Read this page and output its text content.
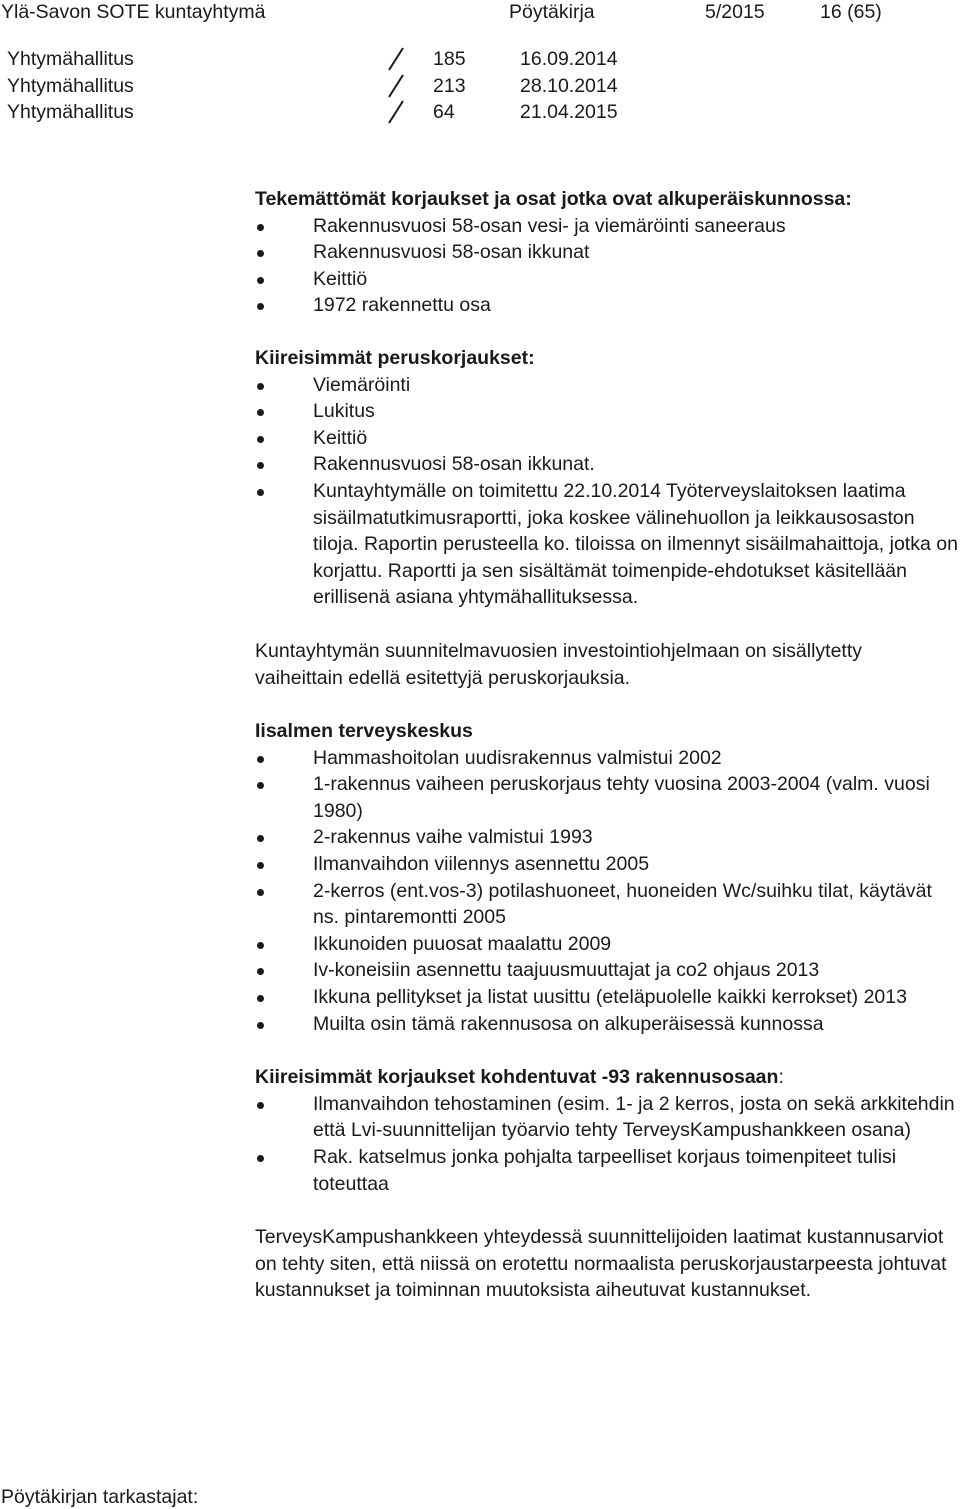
Ylä-Savon SOTE kuntayhtymä	Pöytäkirja	5/2015	16 (65)
Yhtymähallitus	185	16.09.2014
Yhtymähallitus	213	28.10.2014
Yhtymähallitus	64	21.04.2015

Tekemättömät korjaukset ja osat jotka ovat alkuperäiskunnossa:

Rakennusvuosi 58-osan vesi- ja viemäröinti saneeraus
Rakennusvuosi 58-osan ikkunat
Keittiö
1972 rakennettu osa

Kiireisimmät peruskorjaukset:

Viemäröinti
Lukitus
Keittiö
Rakennusvuosi 58-osan ikkunat.
Kuntayhtymälle on toimitettu 22.10.2014 Työterveyslaitoksen laatima sisäilmatutkimusraportti, joka koskee välinehuollon ja leikkausosaston tiloja. Raportin perusteella ko. tiloissa on ilmennyt sisäilmahaittoja, jotka on korjattu. Raportti ja sen sisältämät toimenpide-ehdotukset käsitellään erillisenä asiana yhtymähallituksessa.

Kuntayhtymän suunnitelmavuosien investointiohjelmaan on sisällytetty vaiheittain edellä esitettyjä peruskorjauksia.

Iisalmen terveyskeskus

Hammashoitolan uudisrakennus valmistui 2002
1-rakennus vaiheen peruskorjaus tehty vuosina 2003-2004 (valm. vuosi 1980)
2-rakennus vaihe valmistui 1993
Ilmanvaihdon viilennys asennettu 2005
2-kerros (ent.vos-3) potilashuoneet, huoneiden Wc/suihku tilat, käytävät ns. pintaremontti 2005
Ikkunoiden puuosat maalattu 2009
Iv-koneisiin asennettu taajuusmuuttajat ja co2 ohjaus 2013
Ikkuna pellitykset ja listat uusittu (eteläpuolelle kaikki kerrokset) 2013
Muilta osin tämä rakennusosa on alkuperäisessä kunnossa

Kiireisimmät korjaukset kohdentuvat -93 rakennusosaan:

Ilmanvaihdon tehostaminen (esim. 1- ja 2 kerros, josta on sekä arkkitehdin että Lvi-suunnittelijan työarvio tehty TerveysKampushankkeen osana)
Rak. katselmus jonka pohjalta tarpeelliset korjaus toimenpiteet tulisi toteuttaa

TerveysKampushankkeen yhteydessä suunnittelijoiden laatimat kustannusarviot on tehty siten, että niissä on erotettu normaalista peruskorjaustarpeesta johtuvat kustannukset ja toiminnan muutoksista aiheutuvat kustannukset.

Pöytäkirjan tarkastajat:
